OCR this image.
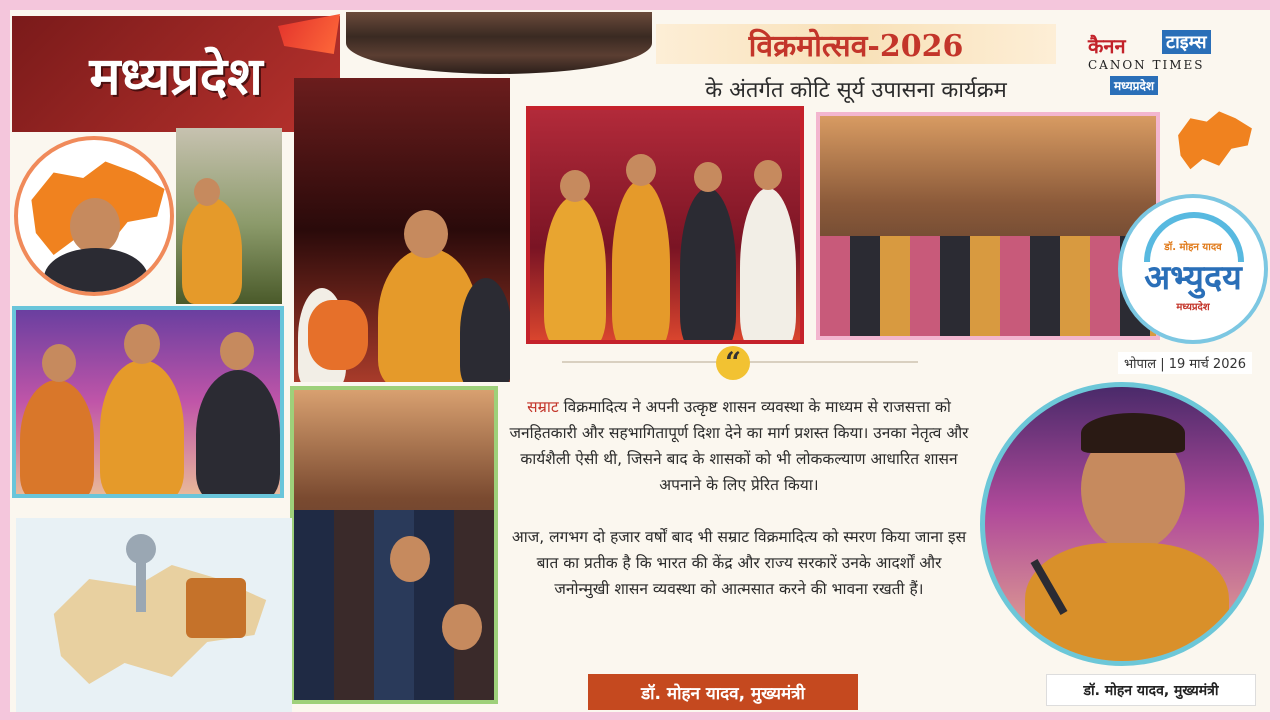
मध्यप्रदेश	विक्रमोत्सव-2026
के अंतर्गत कोटि सूर्य उपासना कार्यक्रम
कैनन टाइम्स
CANON TIMES
मध्यप्रदेश
डॉ. मोहन यादव
अभ्युदय
मध्यप्रदेश
भोपाल | 19 मार्च 2026
“

सम्राट विक्रमादित्य ने अपनी उत्कृष्ट शासन व्यवस्था के माध्यम से राजसत्ता को जनहितकारी और सहभागितापूर्ण दिशा देने का मार्ग प्रशस्त किया। उनका नेतृत्व और कार्यशैली ऐसी थी, जिसने बाद के शासकों को भी लोककल्याण आधारित शासन अपनाने के लिए प्रेरित किया।

आज, लगभग दो हजार वर्षों बाद भी सम्राट विक्रमादित्य को स्मरण किया जाना इस बात का प्रतीक है कि भारत की केंद्र और राज्य सरकारें उनके आदर्शों और जनोन्मुखी शासन व्यवस्था को आत्मसात करने की भावना रखती हैं।

डॉ. मोहन यादव, मुख्यमंत्री	डॉ. मोहन यादव, मुख्यमंत्री
